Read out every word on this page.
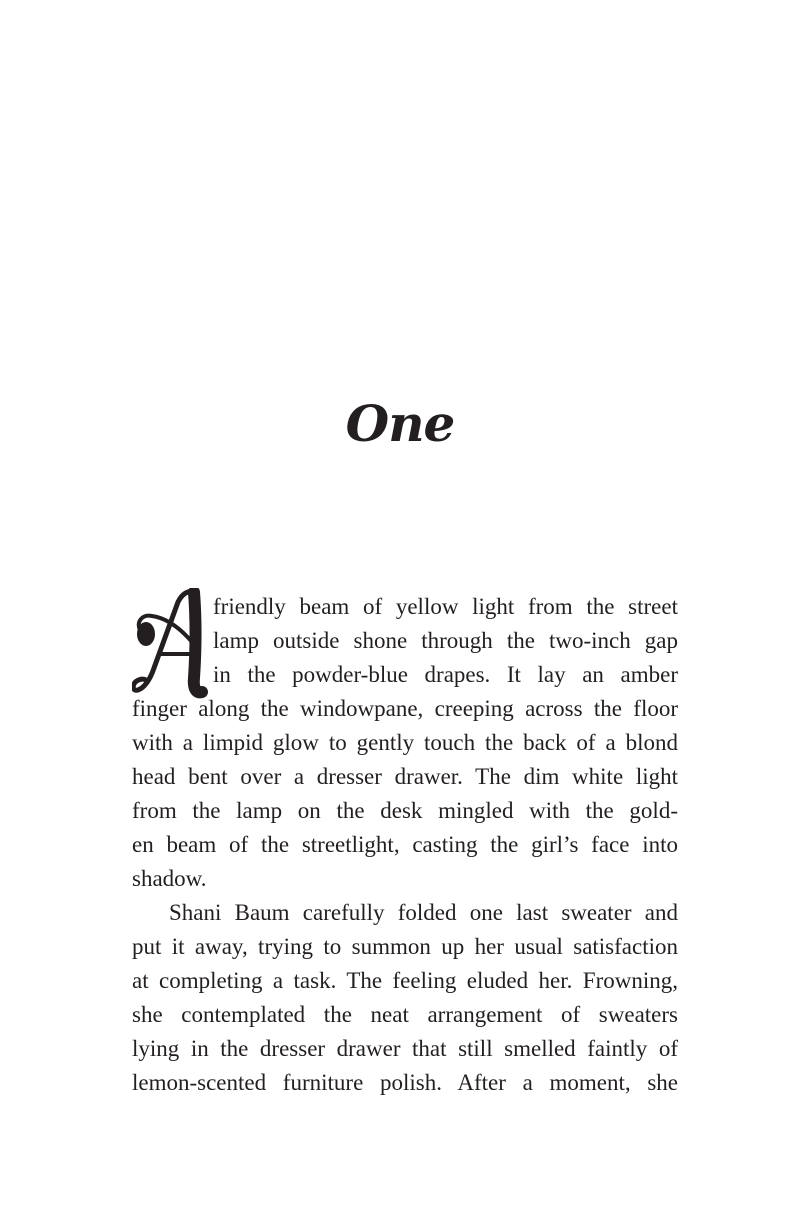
One
friendly beam of yellow light from the street
lamp outside shone through the two-inch gap
in the powder-blue drapes. It lay an amber
finger along the windowpane, creeping across the floor
with a limpid glow to gently touch the back of a blond
head bent over a dresser drawer. The dim white light
from the lamp on the desk mingled with the gold-
en beam of the streetlight, casting the girl’s face into
shadow.
Shani Baum carefully folded one last sweater and
put it away, trying to summon up her usual satisfaction
at completing a task. The feeling eluded her. Frowning,
she contemplated the neat arrangement of sweaters
lying in the dresser drawer that still smelled faintly of
lemon-scented furniture polish. After a moment, she
